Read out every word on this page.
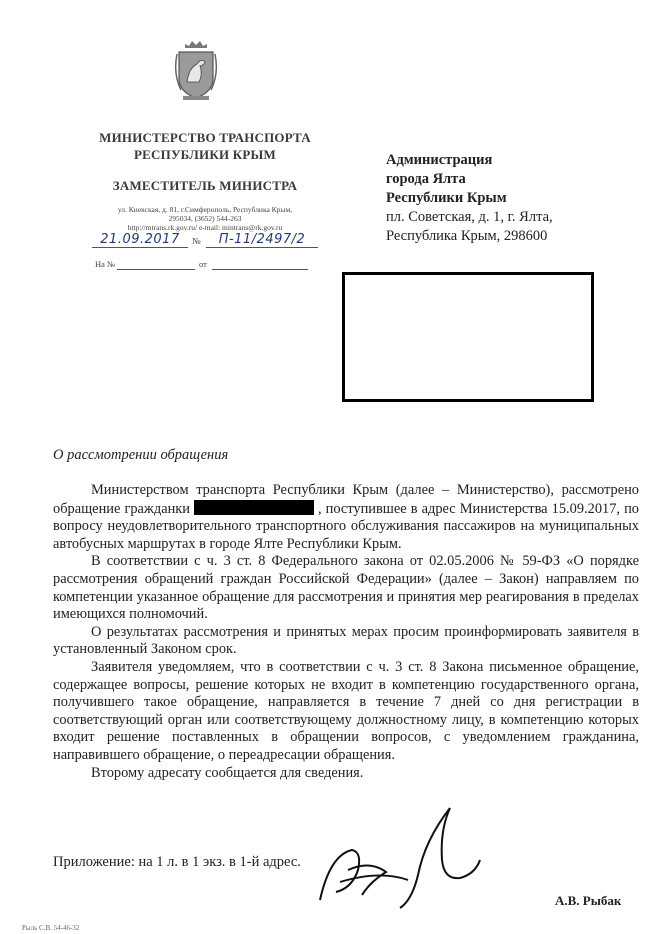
МИНИСТЕРСТВО ТРАНСПОРТА
РЕСПУБЛИКИ КРЫМ
ЗАМЕСТИТЕЛЬ МИНИСТРА
ул. Киевская, д. 81, г.Симферополь, Республика Крым,
295034, (3652) 544-263
http://mtrans.rk.gov.ru/ e-mail: mintrans@rk.gov.ru
21.09.2017	№	П-11/2497/2
На №	от
Администрация
города Ялта
Республики Крым
пл. Советская, д. 1, г. Ялта,
Республика Крым, 298600
О рассмотрении обращения

Министерством транспорта Республики Крым (далее – Министерство), рассмотрено обращение гражданки	, поступившее в адрес Министерства 15.09.2017, по вопросу неудовлетворительного транспортного обслуживания пассажиров на муниципальных автобусных маршрутах в городе Ялте Республики Крым.

В соответствии с ч. 3 ст. 8 Федерального закона от 02.05.2006 № 59-ФЗ «О порядке рассмотрения обращений граждан Российской Федерации» (далее – Закон) направляем по компетенции указанное обращение для рассмотрения и принятия мер реагирования в пределах имеющихся полномочий.

О результатах рассмотрения и принятых мерах просим проинформировать заявителя в установленный Законом срок.

Заявителя уведомляем, что в соответствии с ч. 3 ст. 8 Закона письменное обращение, содержащее вопросы, решение которых не входит в компетенцию государственного органа, получившего такое обращение, направляется в течение 7 дней со дня регистрации в соответствующий орган или соответствующему должностному лицу, в компетенцию которых входит решение поставленных в обращении вопросов, с уведомлением гражданина, направившего обращение, о переадресации обращения.

Второму адресату сообщается для сведения.

Приложение: на 1 л. в 1 экз. в 1-й адрес.
А.В. Рыбак
Рыль С.В. 54-46-32
